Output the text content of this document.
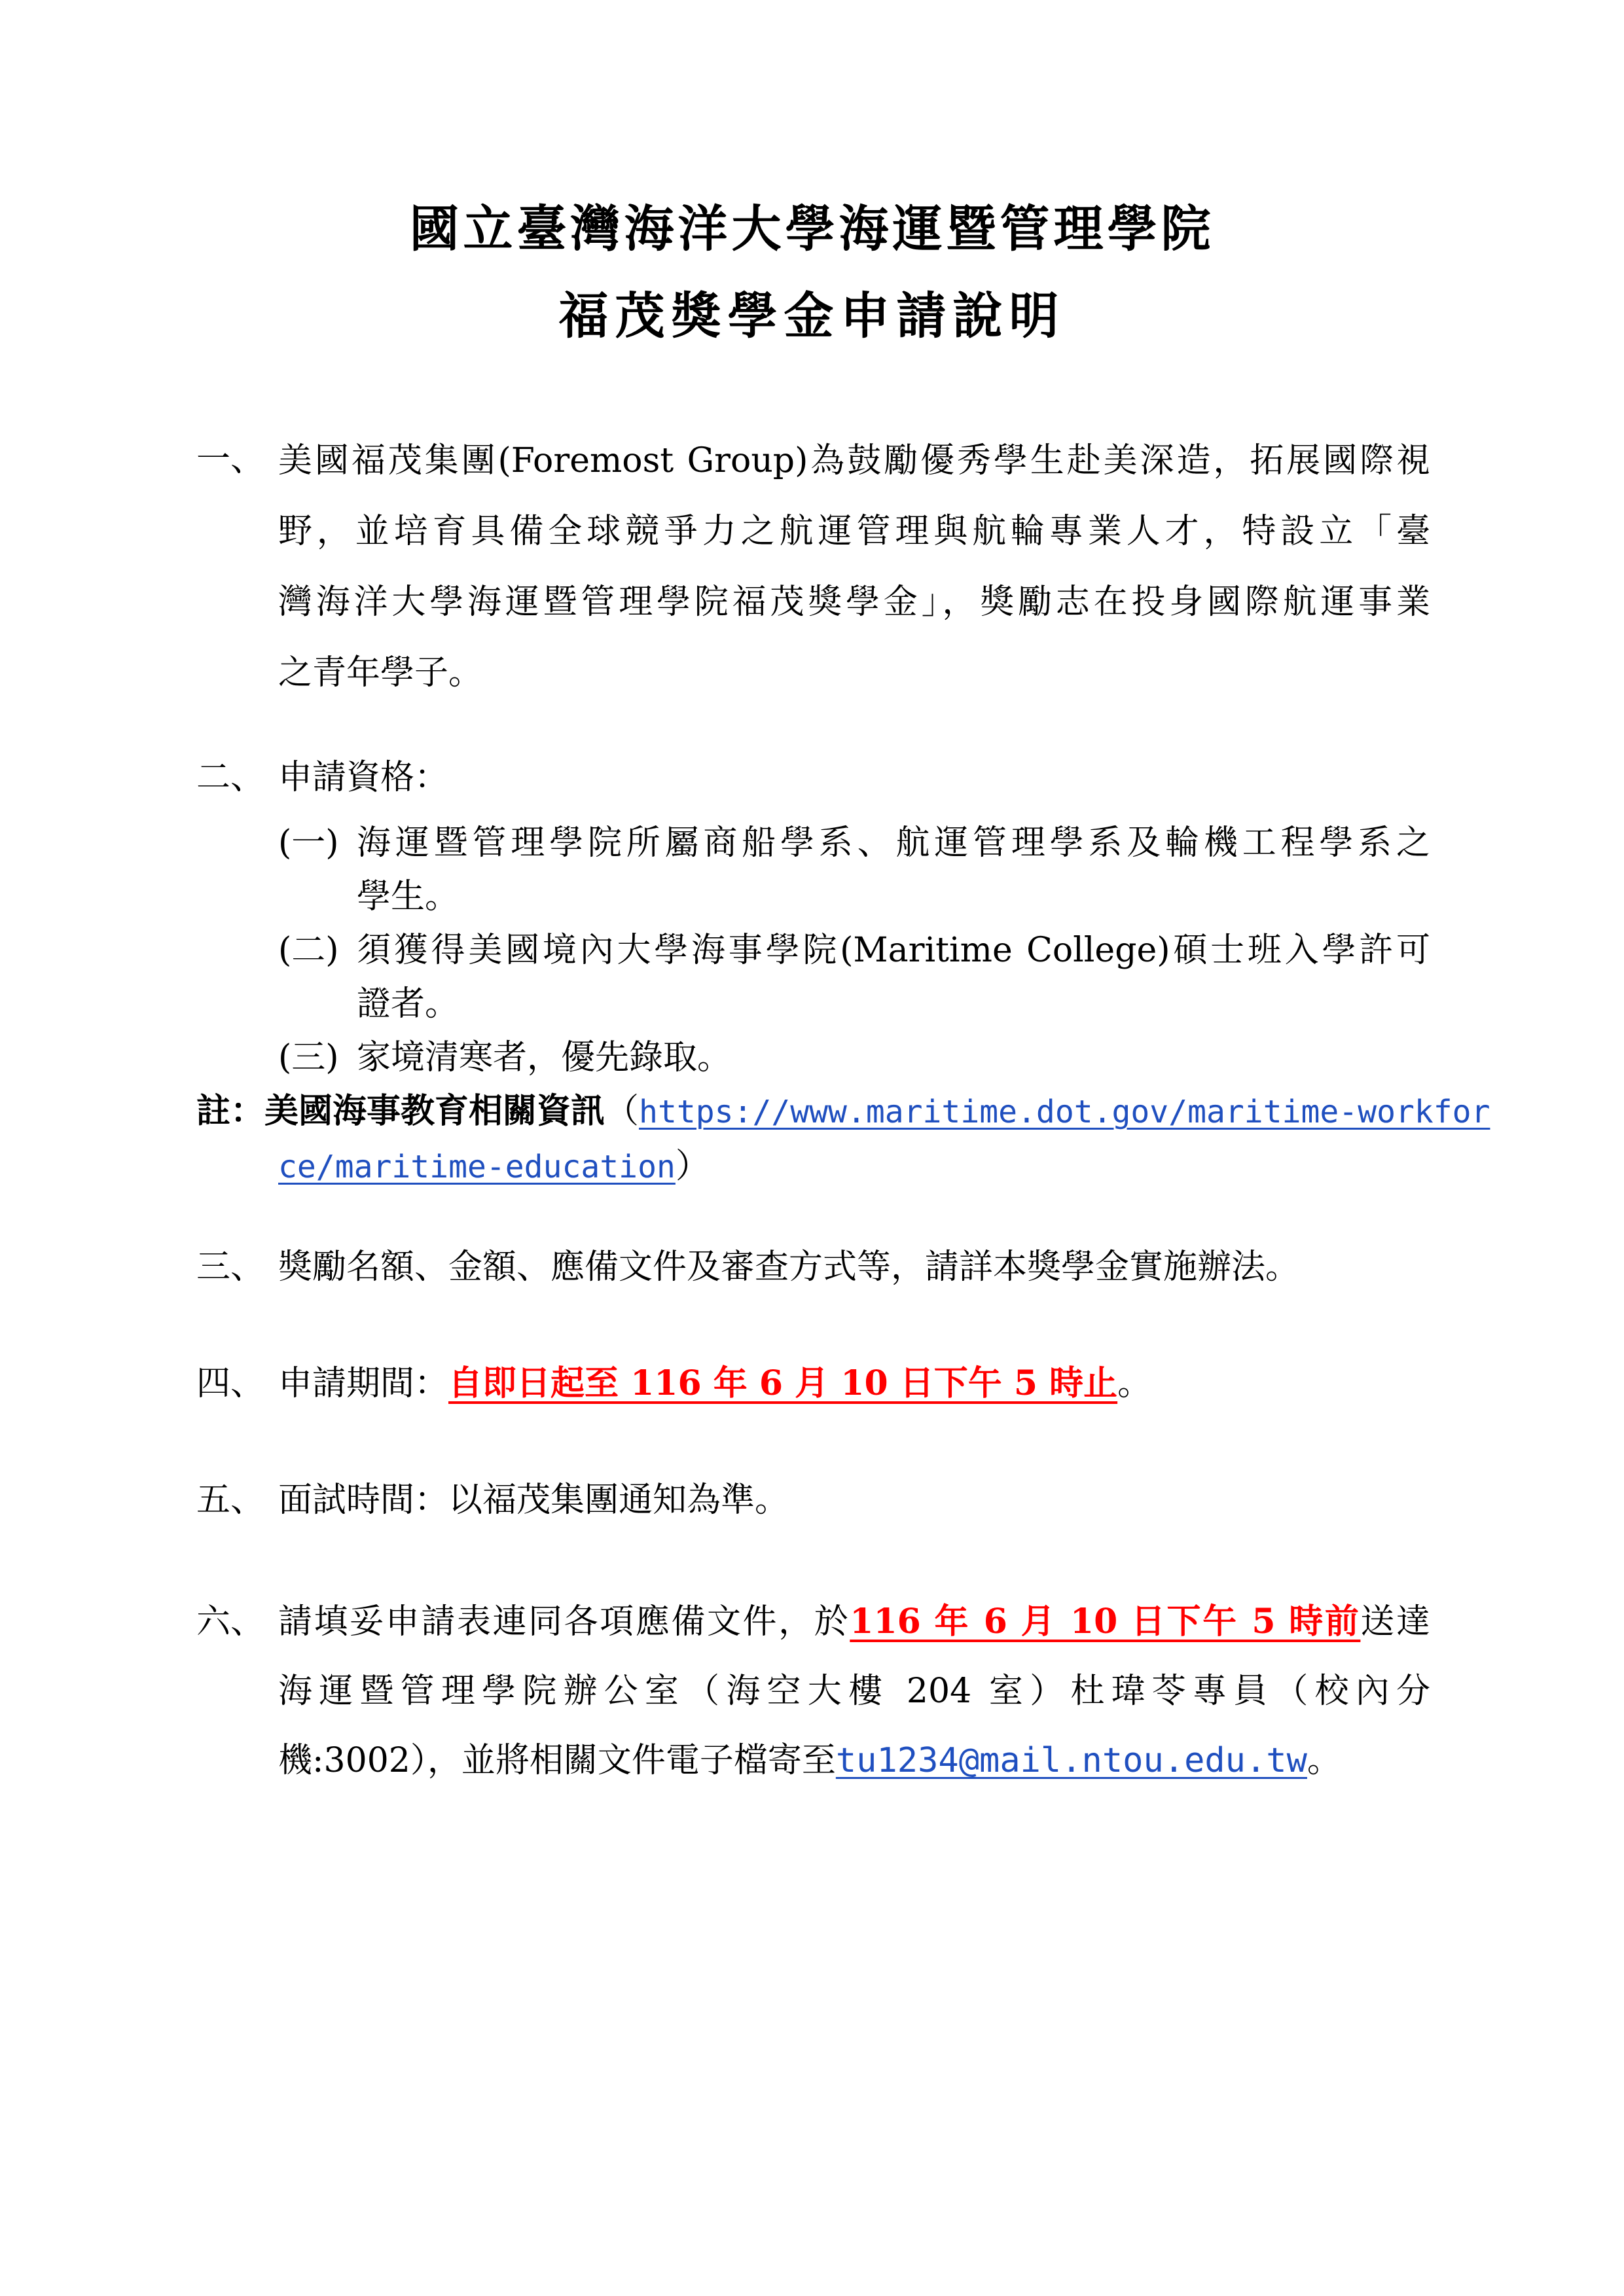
國立臺灣海洋大學海運暨管理學院
福茂獎學金申請說明
一、 美國福茂集團(Foremost Group)為鼓勵優秀學生赴美深造，拓展國際視
野，並培育具備全球競爭力之航運管理與航輪專業人才，特設立「臺
灣海洋大學海運暨管理學院福茂獎學金」，獎勵志在投身國際航運事業
之青年學子。
二、 申請資格：
(一) 海運暨管理學院所屬商船學系、航運管理學系及輪機工程學系之
學生。
(二) 須獲得美國境內大學海事學院(Maritime College)碩士班入學許可
證者。
(三) 家境清寒者，優先錄取。
註：美國海事教育相關資訊（https://www.maritime.dot.gov/maritime-workfor
ce/maritime-education）
三、 獎勵名額、金額、應備文件及審查方式等，請詳本獎學金實施辦法。
四、 申請期間：自即日起至 116 年 6 月 10 日下午 5 時止。
五、 面試時間：以福茂集團通知為準。
六、 請填妥申請表連同各項應備文件，於116 年 6 月 10 日下午 5 時前送達
海運暨管理學院辦公室（海空大樓 204 室）杜瑋苓專員（校內分
機:3002），並將相關文件電子檔寄至tu1234@mail.ntou.edu.tw。
